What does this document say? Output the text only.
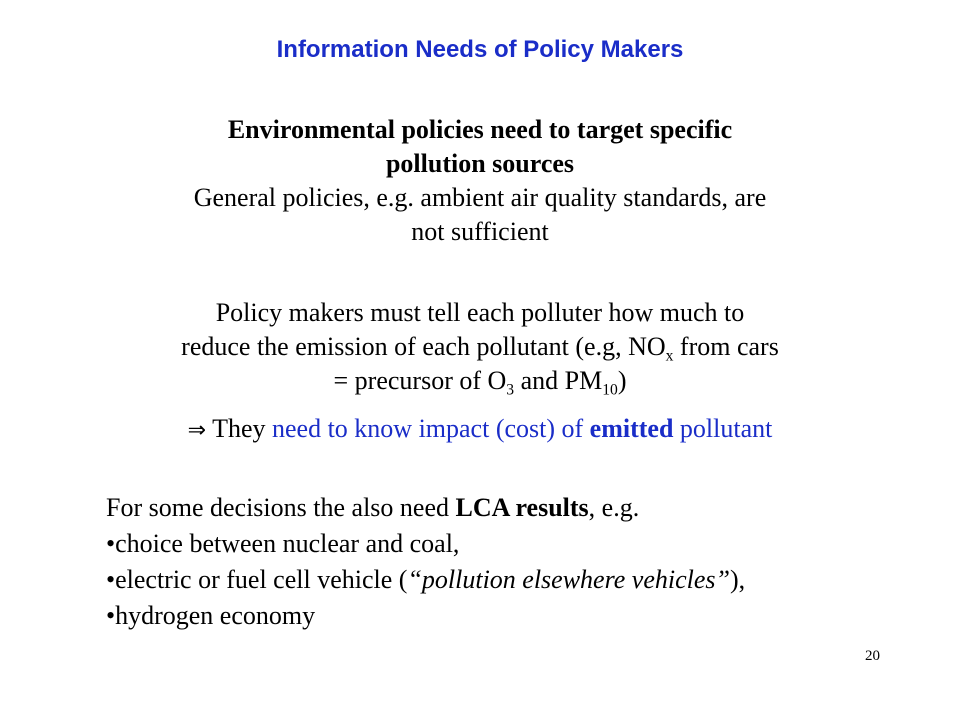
Information Needs of Policy Makers
Environmental policies need to target specific
pollution sources
General policies, e.g. ambient air quality standards, are
not sufficient
Policy makers must tell each polluter how much to
reduce the emission of each pollutant (e.g, $NO_x$ from cars
= precursor of $O_3$ and $PM_{10}$)
⇒ They need to know impact (cost) of emitted pollutant
For some decisions the also need LCA results, e.g.
•choice between nuclear and coal,
•electric or fuel cell vehicle (“pollution elsewhere vehicles”),
•hydrogen economy
20
